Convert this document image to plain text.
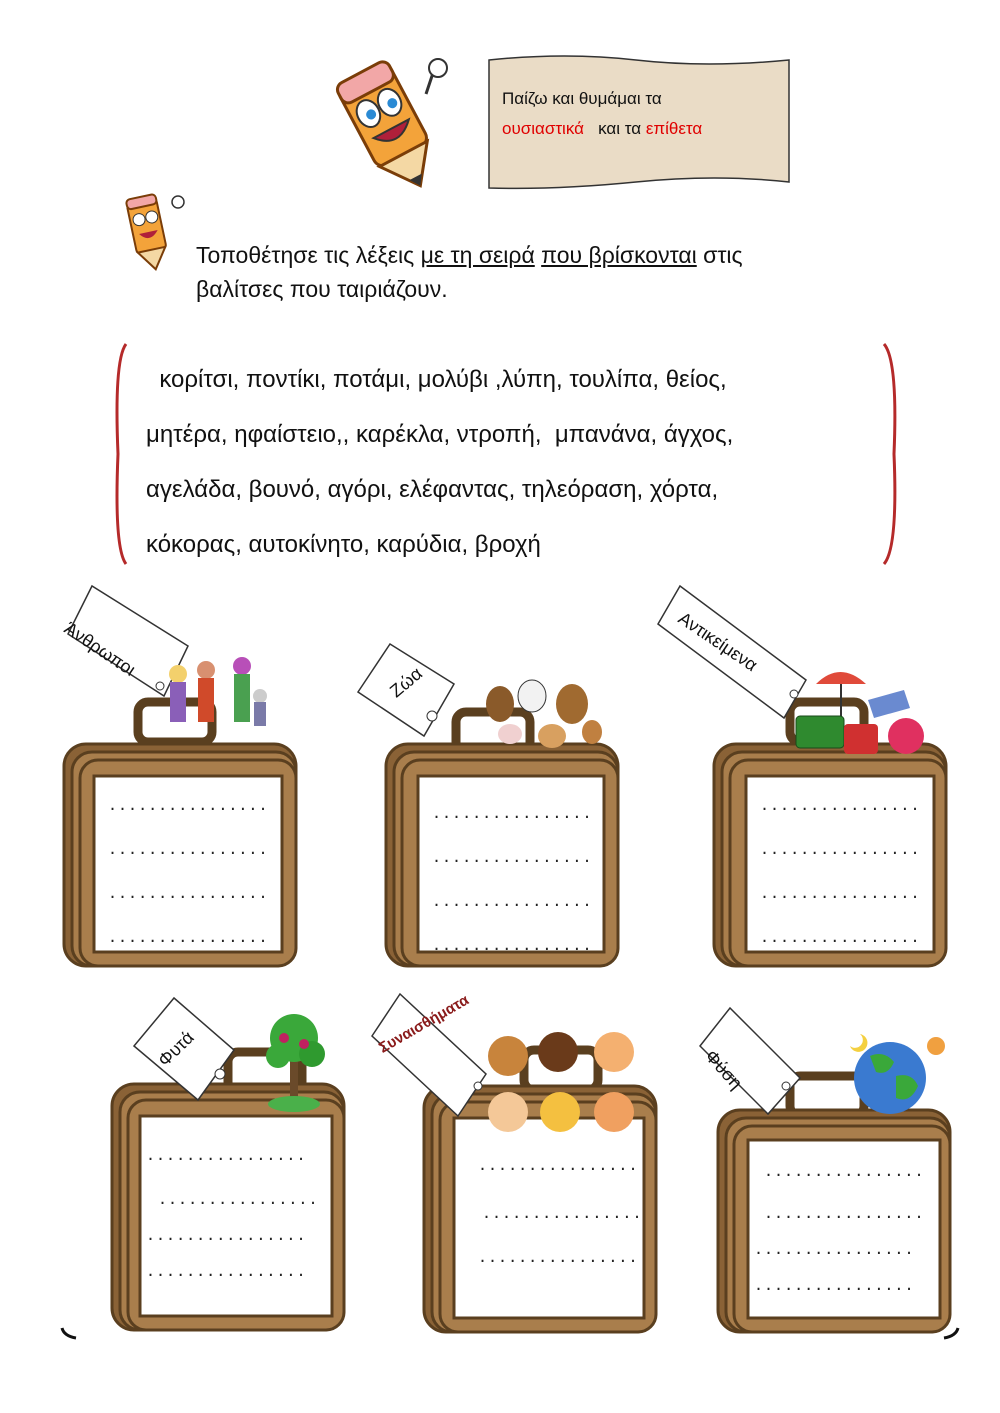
Παίζω και θυμάμαι τα
ουσιαστικά και τα επίθετα
Τοποθέτησε τις λέξεις με τη σειρά που βρίσκονται στις
βαλίτσες που ταιριάζουν.
κορίτσι, ποντίκι, ποτάμι, μολύβι ,λύπη, τουλίπα, θείος,
μητέρα, ηφαίστειο,, καρέκλα, ντροπή,  μπανάνα, άγχος,
αγελάδα, βουνό, αγόρι, ελέφαντας, τηλεόραση, χόρτα,
κόκορας, αυτοκίνητο, καρύδια, βροχή
Άνθρωποι
................
................
................
................
Ζώα
................
................
................
................
Αντικείμενα
................
................
................
................
Φυτά
................
................
................
................
Συναισθήματα
................
................
................
Φύση
................
................
................
................
